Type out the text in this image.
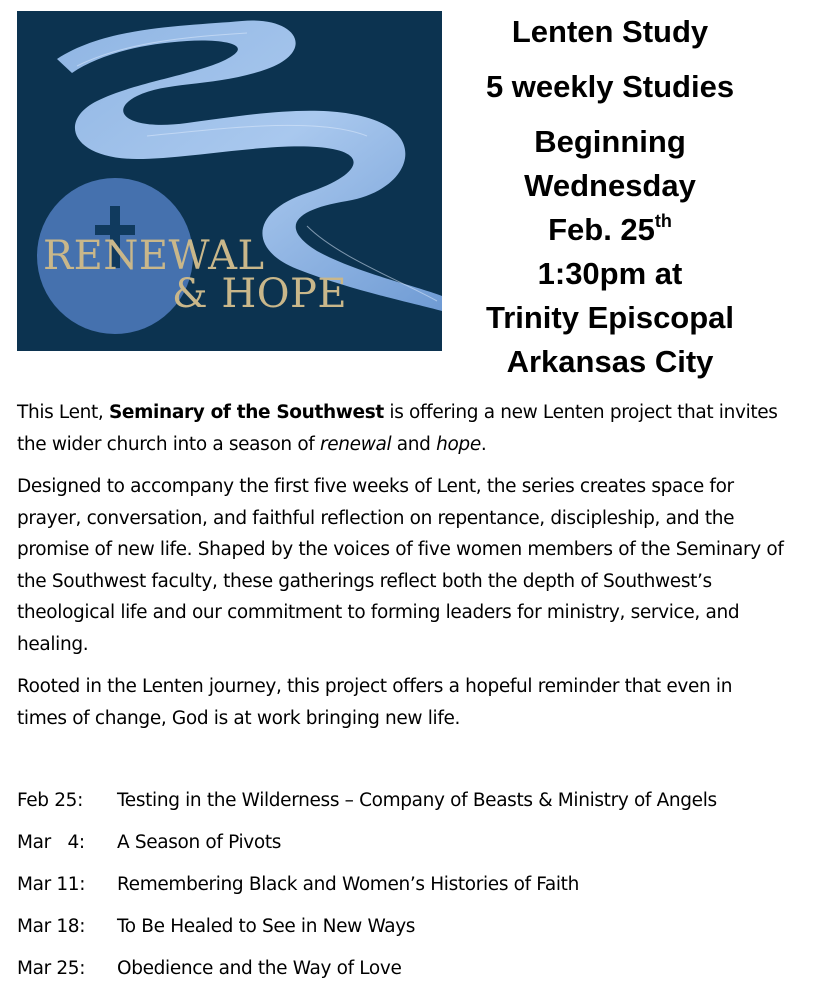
RENEWAL
& HOPE
Lenten Study
5 weekly Studies
Beginning
Wednesday
Feb. 25th
1:30pm at
Trinity Episcopal
Arkansas City
This Lent, Seminary of the Southwest is offering a new Lenten project that invites the wider church into a season of renewal and hope.
Designed to accompany the first five weeks of Lent, the series creates space for prayer, conversation, and faithful reflection on repentance, discipleship, and the promise of new life. Shaped by the voices of five women members of the Seminary of the Southwest faculty, these gatherings reflect both the depth of Southwest’s theological life and our commitment to forming leaders for ministry, service, and healing.
Rooted in the Lenten journey, this project offers a hopeful reminder that even in times of change, God is at work bringing new life.
Feb 25: Testing in the Wilderness – Company of Beasts & Ministry of Angels
Mar   4: A Season of Pivots
Mar 11: Remembering Black and Women’s Histories of Faith
Mar 18: To Be Healed to See in New Ways
Mar 25: Obedience and the Way of Love
